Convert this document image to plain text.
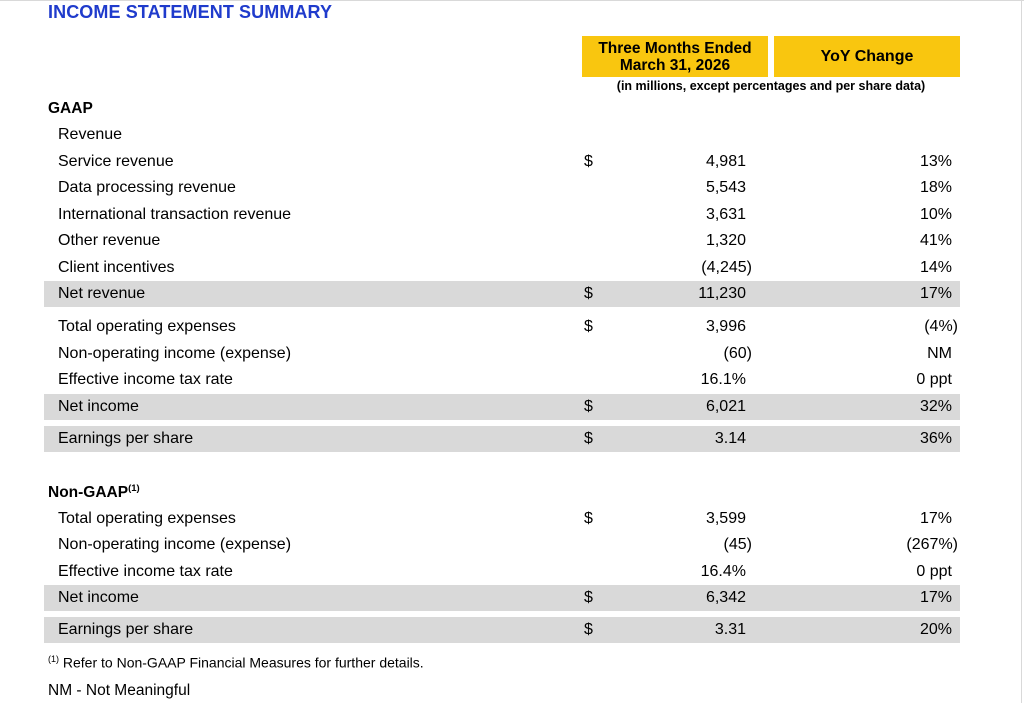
INCOME STATEMENT SUMMARY
Three Months Ended
March 31, 2026	YoY Change
(in millions, except percentages and per share data)
GAAP
Revenue
Service revenue	$	4,981	13%
Data processing revenue	5,543	18%
International transaction revenue	3,631	10%
Other revenue	1,320	41%
Client incentives	(4,245)	14%
Net revenue	$	11,230	17%
Total operating expenses	$	3,996	(4%)
Non-operating income (expense)	(60)	NM
Effective income tax rate	16.1%	0 ppt
Net income	$	6,021	32%
Earnings per share	$	3.14	36%
Non-GAAP$^{(1)}$
Total operating expenses	$	3,599	17%
Non-operating income (expense)	(45)	(267%)
Effective income tax rate	16.4%	0 ppt
Net income	$	6,342	17%
Earnings per share	$	3.31	20%
$^{(1)}$ Refer to Non-GAAP Financial Measures for further details.
NM - Not Meaningful
